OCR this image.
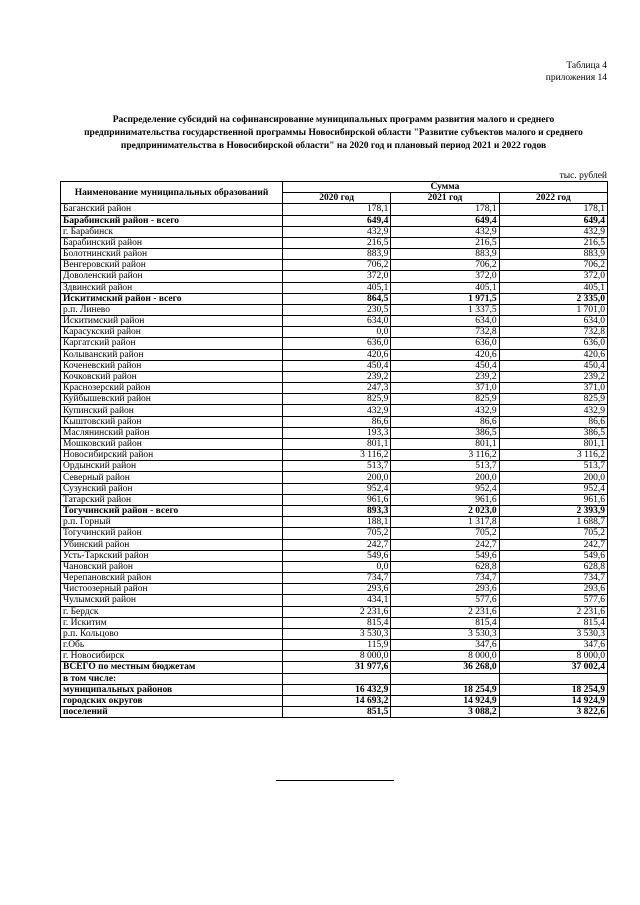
Таблица 4
приложения 14
Распределение субсидий на софинансирование муниципальных программ развития малого и среднего
предпринимательства государственной программы Новосибирской области "Развитие субъектов малого и среднего
предпринимательства в Новосибирской области" на 2020 год и плановый период 2021 и 2022 годов
тыс. рублей
Наименование муниципальных образований	Сумма		
	2020 год	2021 год	2022 год
Баганский район	178,1	178,1	178,1
Барабинский район - всего	649,4	649,4	649,4
г. Барабинск	432,9	432,9	432,9
Барабинский район	216,5	216,5	216,5
Болотнинский район	883,9	883,9	883,9
Венгеровский район	706,2	706,2	706,2
Доволенский район	372,0	372,0	372,0
Здвинский район	405,1	405,1	405,1
Искитимский район - всего	864,5	1 971,5	2 335,0
р.п. Линево	230,5	1 337,5	1 701,0
Искитимский район	634,0	634,0	634,0
Карасукский район	0,0	732,8	732,8
Каргатский район	636,0	636,0	636,0
Колыванский район	420,6	420,6	420,6
Коченевский район	450,4	450,4	450,4
Кочковский район	239,2	239,2	239,2
Краснозерский район	247,3	371,0	371,0
Куйбышевский район	825,9	825,9	825,9
Купинский район	432,9	432,9	432,9
Кыштовский район	86,6	86,6	86,6
Маслянинский район	193,3	386,5	386,5
Мошковский район	801,1	801,1	801,1
Новосибирский район	3 116,2	3 116,2	3 116,2
Ордынский район	513,7	513,7	513,7
Северный район	200,0	200,0	200,0
Сузунский район	952,4	952,4	952,4
Татарский район	961,6	961,6	961,6
Тогучинский район - всего	893,3	2 023,0	2 393,9
р.п. Горный	188,1	1 317,8	1 688,7
Тогучинский район	705,2	705,2	705,2
Убинский район	242,7	242,7	242,7
Усть-Таркский район	549,6	549,6	549,6
Чановский район	0,0	628,8	628,8
Черепановский район	734,7	734,7	734,7
Чистоозерный район	293,6	293,6	293,6
Чулымский район	434,1	577,6	577,6
г. Бердск	2 231,6	2 231,6	2 231,6
г. Искитим	815,4	815,4	815,4
р.п. Кольцово	3 530,3	3 530,3	3 530,3
г.Обь	115,9	347,6	347,6
г. Новосибирск	8 000,0	8 000,0	8 000,0
ВСЕГО по местным бюджетам	31 977,6	36 268,0	37 002,4
в том числе:			
муниципальных районов	16 432,9	18 254,9	18 254,9
городских округов	14 693,2	14 924,9	14 924,9
поселений	851,5	3 088,2	3 822,6
